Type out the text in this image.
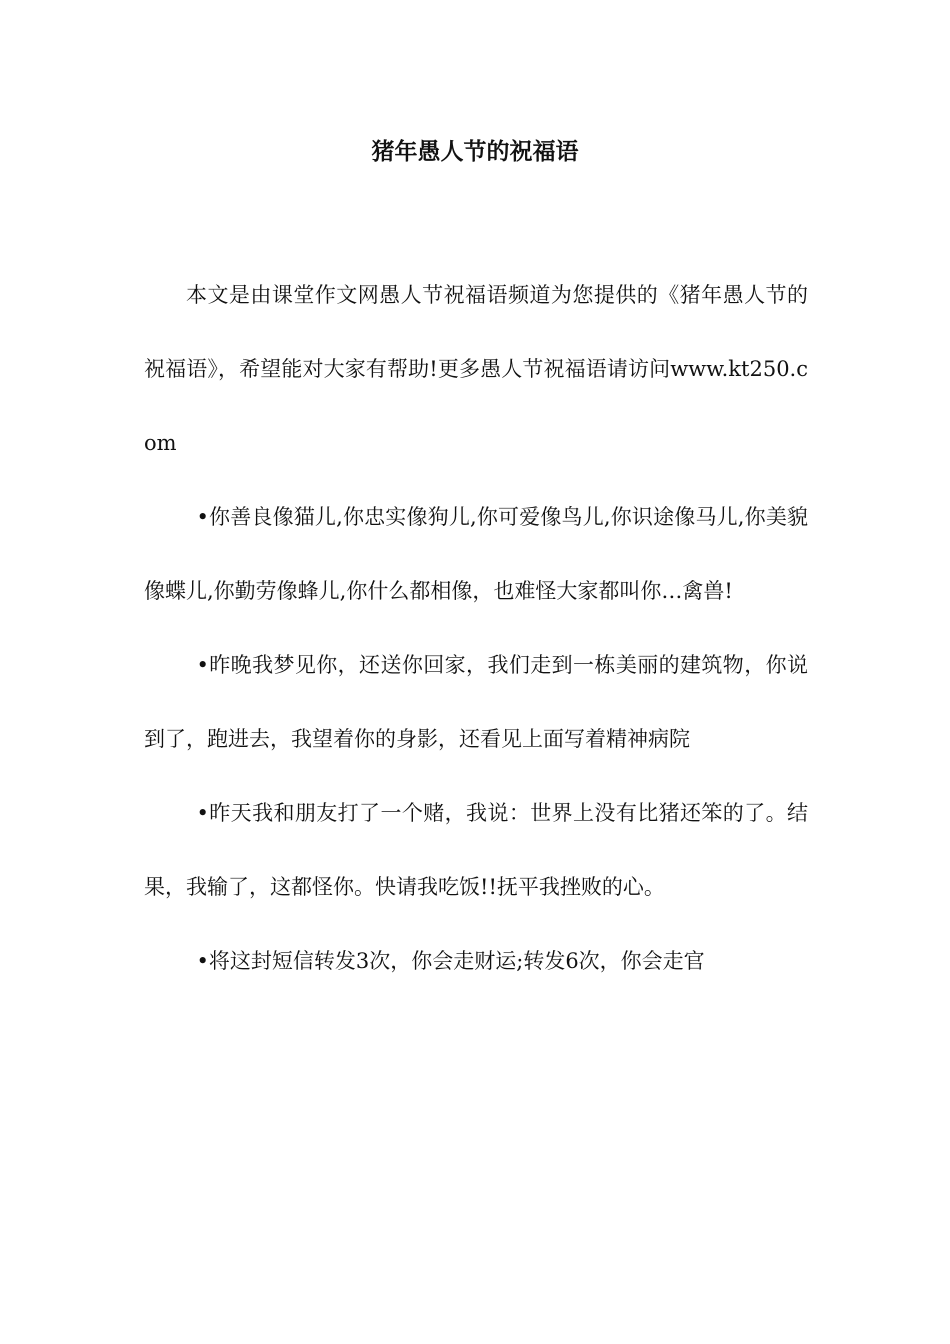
猪年愚人节的祝福语

本文是由课堂作文网愚人节祝福语频道为您提供的《猪年愚人节的祝福语》，希望能对大家有帮助!更多愚人节祝福语请访问www.kt250.com

•你善良像猫儿,你忠实像狗儿,你可爱像鸟儿,你识途像马儿,你美貌像蝶儿,你勤劳像蜂儿,你什么都相像，也难怪大家都叫你…禽兽!

•昨晚我梦见你，还送你回家，我们走到一栋美丽的建筑物，你说到了，跑进去，我望着你的身影，还看见上面写着精神病院

•昨天我和朋友打了一个赌，我说：世界上没有比猪还笨的了。结果，我输了，这都怪你。快请我吃饭!!抚平我挫败的心。

•将这封短信转发3次，你会走财运;转发6次，你会走官
